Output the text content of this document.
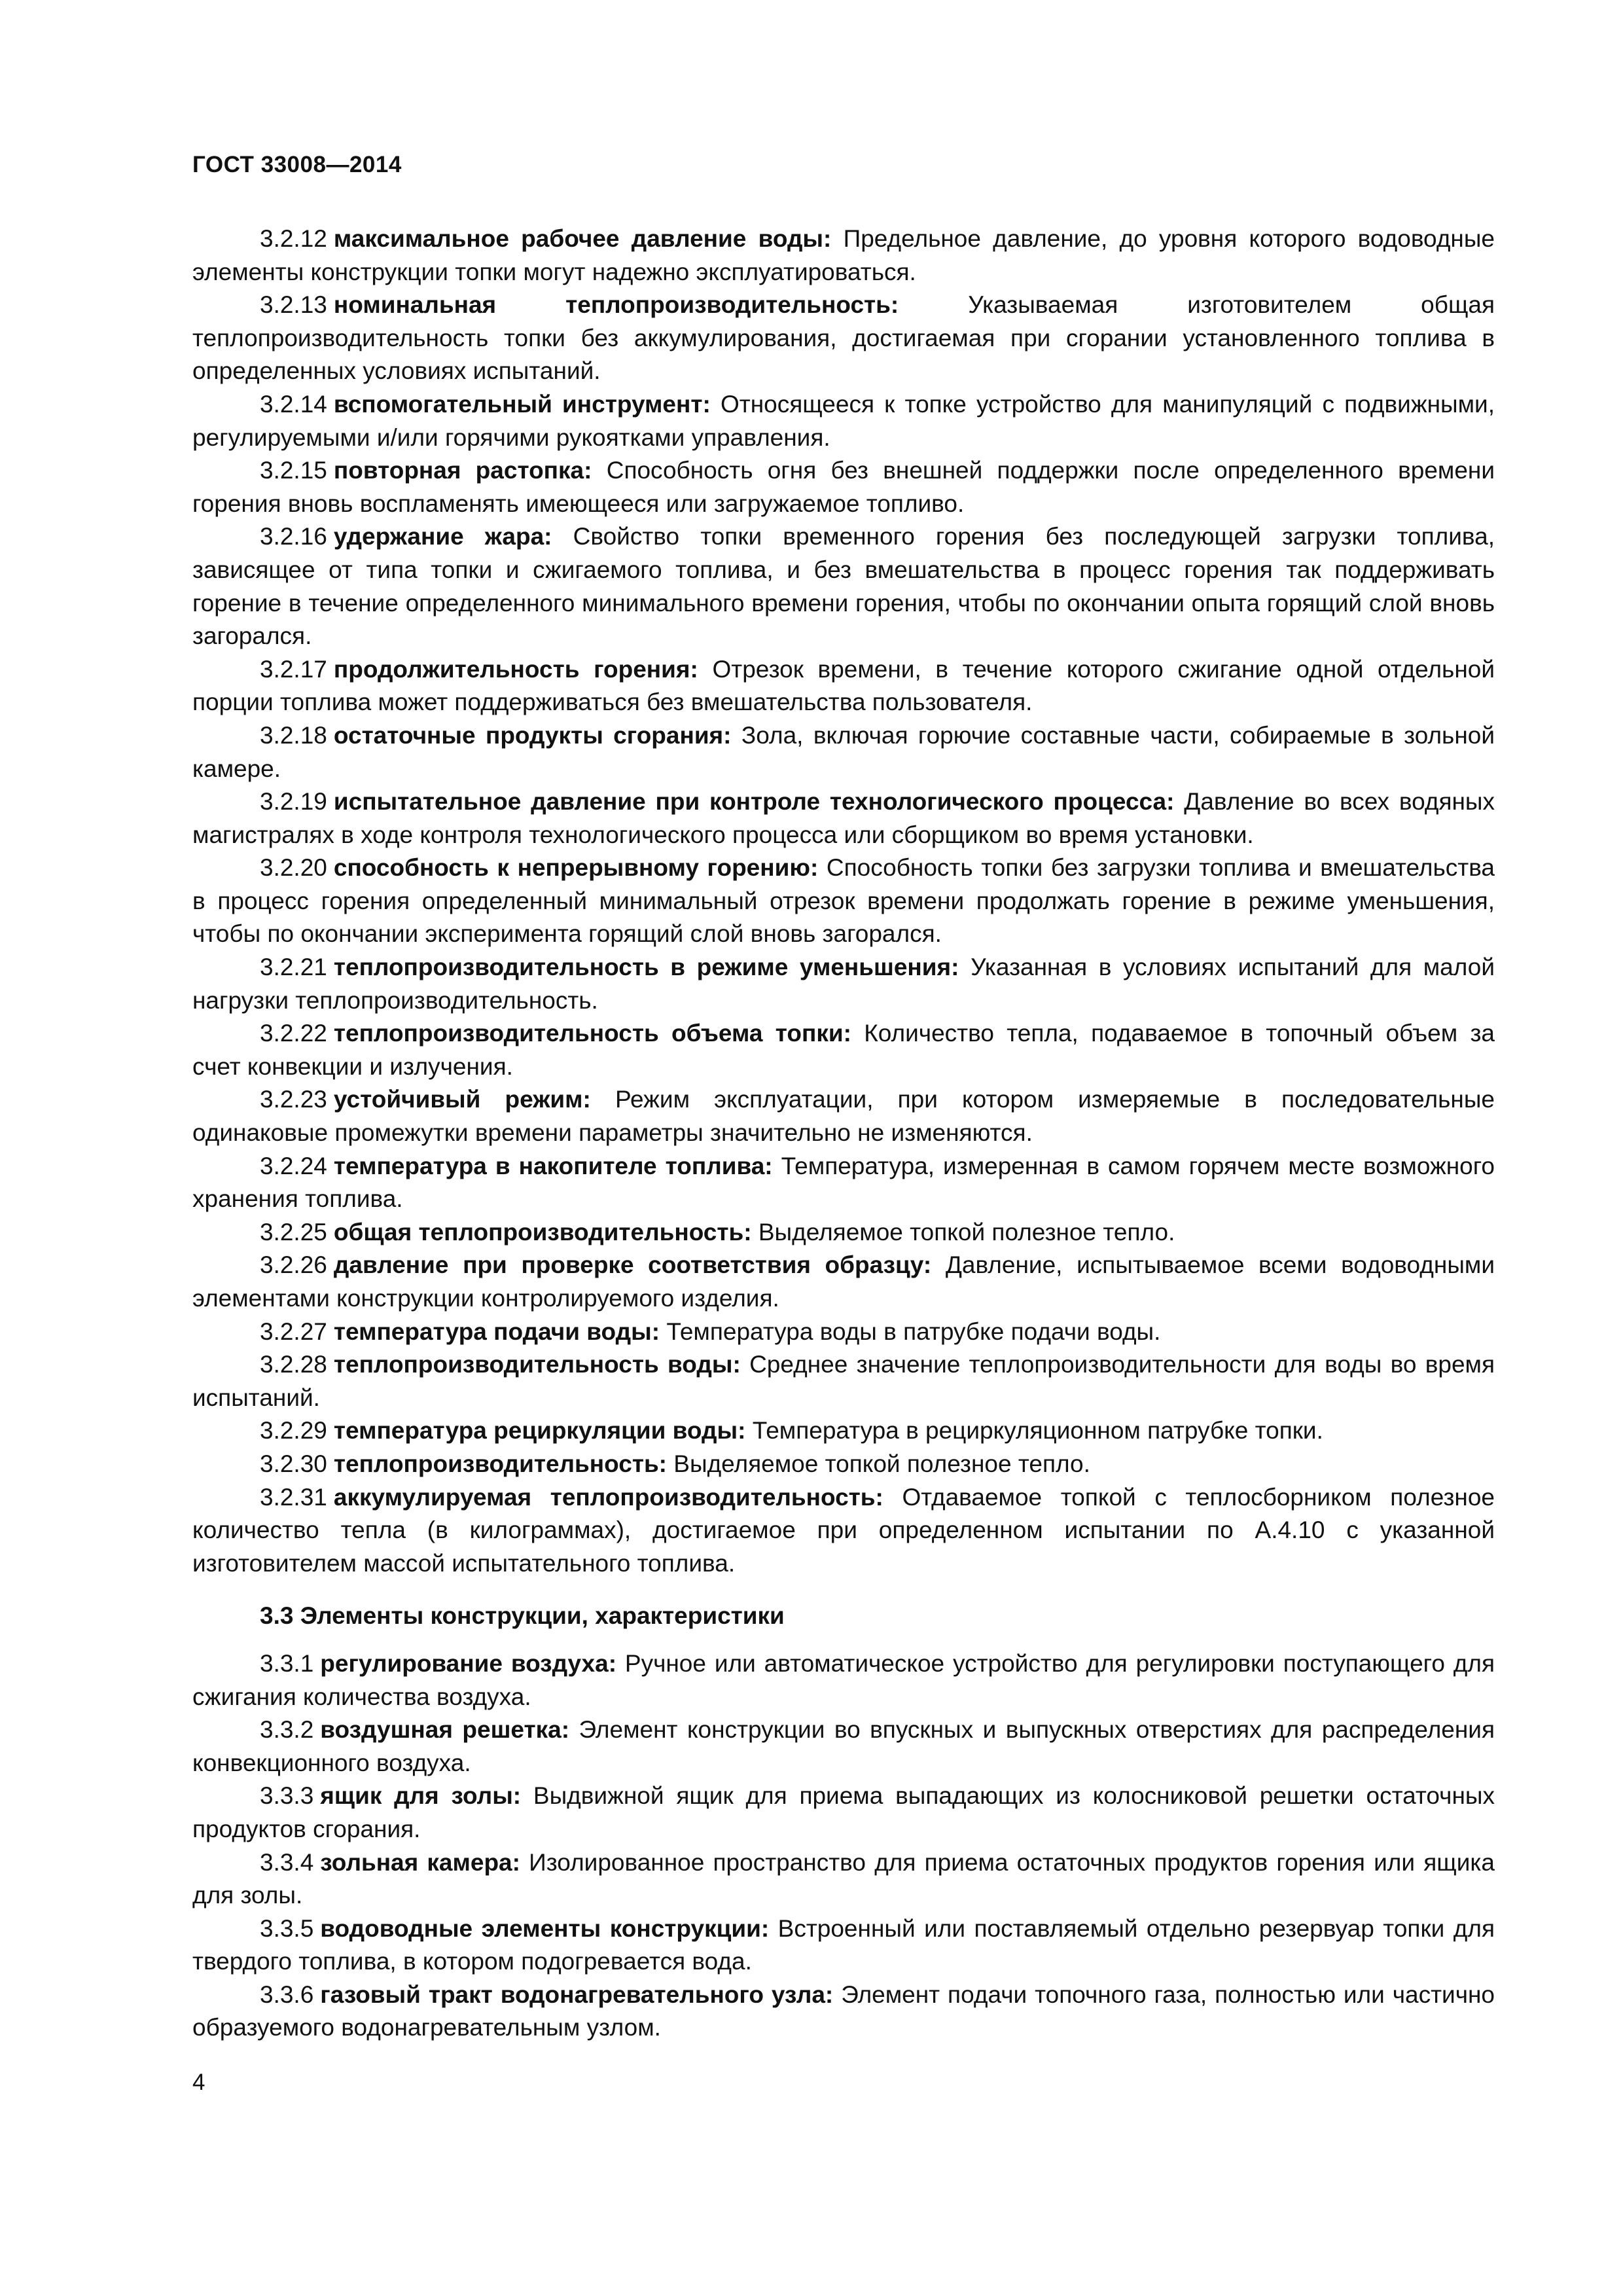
ГОСТ 33008—2014

3.2.12 максимальное рабочее давление воды: Предельное давление, до уровня которого водоводные элементы конструкции топки могут надежно эксплуатироваться.

3.2.13 номинальная теплопроизводительность:	Указываемая изготовителем общая теплопроизводительность топки без аккумулирования, достигаемая при сгорании установленного топлива в определенных условиях испытаний.

3.2.14 вспомогательный инструмент: Относящееся к топке устройство для манипуляций с подвижными, регулируемыми и/или горячими рукоятками управления.

3.2.15 повторная растопка: Способность огня без внешней поддержки после определенного времени горения вновь воспламенять имеющееся или загружаемое топливо.

3.2.16 удержание жара: Свойство топки временного горения без последующей загрузки топлива, зависящее от типа топки и сжигаемого топлива, и без вмешательства в процесс горения так поддерживать горение в течение определенного минимального времени горения, чтобы по окончании опыта горящий слой вновь загорался.

3.2.17 продолжительность горения: Отрезок времени, в течение которого сжигание одной отдельной порции топлива может поддерживаться без вмешательства пользователя.

3.2.18 остаточные продукты сгорания: Зола, включая горючие составные части, собираемые в зольной камере.

3.2.19 испытательное давление при контроле технологического процесса: Давление во всех водяных магистралях в ходе контроля технологического процесса или сборщиком во время установки.

3.2.20 способность к непрерывному горению: Способность топки без загрузки топлива и вмешательства в процесс горения определенный минимальный отрезок времени продолжать горение в режиме уменьшения, чтобы по окончании эксперимента горящий слой вновь загорался.

3.2.21 теплопроизводительность в режиме уменьшения: Указанная в условиях испытаний для малой нагрузки теплопроизводительность.

3.2.22 теплопроизводительность объема топки: Количество тепла, подаваемое в топочный объем за счет конвекции и излучения.

3.2.23 устойчивый режим: Режим эксплуатации, при котором измеряемые в последовательные одинаковые промежутки времени параметры значительно не изменяются.

3.2.24 температура в накопителе топлива: Температура, измеренная в самом горячем месте возможного хранения топлива.

3.2.25 общая теплопроизводительность: Выделяемое топкой полезное тепло.

3.2.26 давление при проверке соответствия образцу: Давление, испытываемое всеми водоводными элементами конструкции контролируемого изделия.

3.2.27 температура подачи воды: Температура воды в патрубке подачи воды.

3.2.28 теплопроизводительность воды: Среднее значение теплопроизводительности для воды во время испытаний.

3.2.29 температура рециркуляции воды: Температура в рециркуляционном патрубке топки.

3.2.30 теплопроизводительность: Выделяемое топкой полезное тепло.

3.2.31 аккумулируемая теплопроизводительность: Отдаваемое топкой с теплосборником полезное количество тепла (в килограммах), достигаемое при определенном испытании по А.4.10 с указанной изготовителем массой испытательного топлива.

3.3 Элементы конструкции, характеристики

3.3.1 регулирование воздуха: Ручное или автоматическое устройство для регулировки поступающего для сжигания количества воздуха.

3.3.2 воздушная решетка: Элемент конструкции во впускных и выпускных отверстиях для распределения конвекционного воздуха.

3.3.3 ящик для золы: Выдвижной ящик для приема выпадающих из колосниковой решетки остаточных продуктов сгорания.

3.3.4 зольная камера: Изолированное пространство для приема остаточных продуктов горения или ящика для золы.

3.3.5 водоводные элементы конструкции: Встроенный или поставляемый отдельно резервуар топки для твердого топлива, в котором подогревается вода.

3.3.6 газовый тракт водонагревательного узла: Элемент подачи топочного газа, полностью или частично образуемого водонагревательным узлом.

4
